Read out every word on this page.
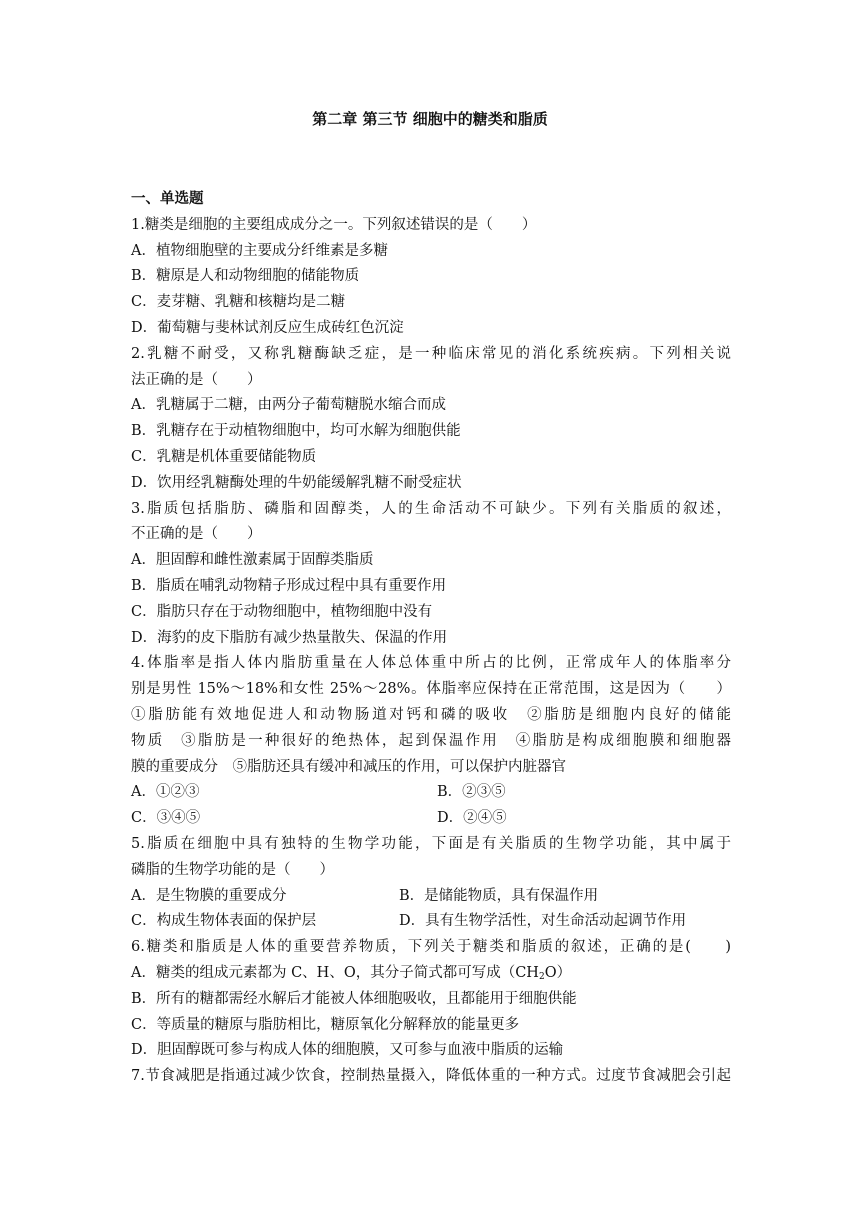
第二章 第三节 细胞中的糖类和脂质
一、单选题
1.糖类是细胞的主要组成成分之一。下列叙述错误的是（　　）
A．植物细胞壁的主要成分纤维素是多糖
B．糖原是人和动物细胞的储能物质
C．麦芽糖、乳糖和核糖均是二糖
D．葡萄糖与斐林试剂反应生成砖红色沉淀
2.乳糖不耐受，又称乳糖酶缺乏症，是一种临床常见的消化系统疾病。下列相关说
法正确的是（　　）
A．乳糖属于二糖，由两分子葡萄糖脱水缩合而成
B．乳糖存在于动植物细胞中，均可水解为细胞供能
C．乳糖是机体重要储能物质
D．饮用经乳糖酶处理的牛奶能缓解乳糖不耐受症状
3.脂质包括脂肪、磷脂和固醇类，人的生命活动不可缺少。下列有关脂质的叙述，
不正确的是（　　）
A．胆固醇和雌性激素属于固醇类脂质
B．脂质在哺乳动物精子形成过程中具有重要作用
C．脂肪只存在于动物细胞中，植物细胞中没有
D．海豹的皮下脂肪有减少热量散失、保温的作用
4.体脂率是指人体内脂肪重量在人体总体重中所占的比例，正常成年人的体脂率分
别是男性 15%～18%和女性 25%～28%。体脂率应保持在正常范围，这是因为（　　）
①脂肪能有效地促进人和动物肠道对钙和磷的吸收　②脂肪是细胞内良好的储能
物质　③脂肪是一种很好的绝热体，起到保温作用　④脂肪是构成细胞膜和细胞器
膜的重要成分　⑤脂肪还具有缓冲和减压的作用，可以保护内脏器官
A．①②③	B．②③⑤
C．③④⑤	D．②④⑤
5.脂质在细胞中具有独特的生物学功能，下面是有关脂质的生物学功能，其中属于
磷脂的生物学功能的是（　　）
A．是生物膜的重要成分	B．是储能物质，具有保温作用
C．构成生物体表面的保护层	D．具有生物学活性，对生命活动起调节作用
6.糖类和脂质是人体的重要营养物质，下列关于糖类和脂质的叙述，正确的是(　　)
A．糖类的组成元素都为 C、H、O，其分子简式都可写成$(CH_2O)$
B．所有的糖都需经水解后才能被人体细胞吸收，且都能用于细胞供能
C．等质量的糖原与脂肪相比，糖原氧化分解释放的能量更多
D．胆固醇既可参与构成人体的细胞膜，又可参与血液中脂质的运输
7.节食减肥是指通过减少饮食，控制热量摄入，降低体重的一种方式。过度节食减肥会引起
